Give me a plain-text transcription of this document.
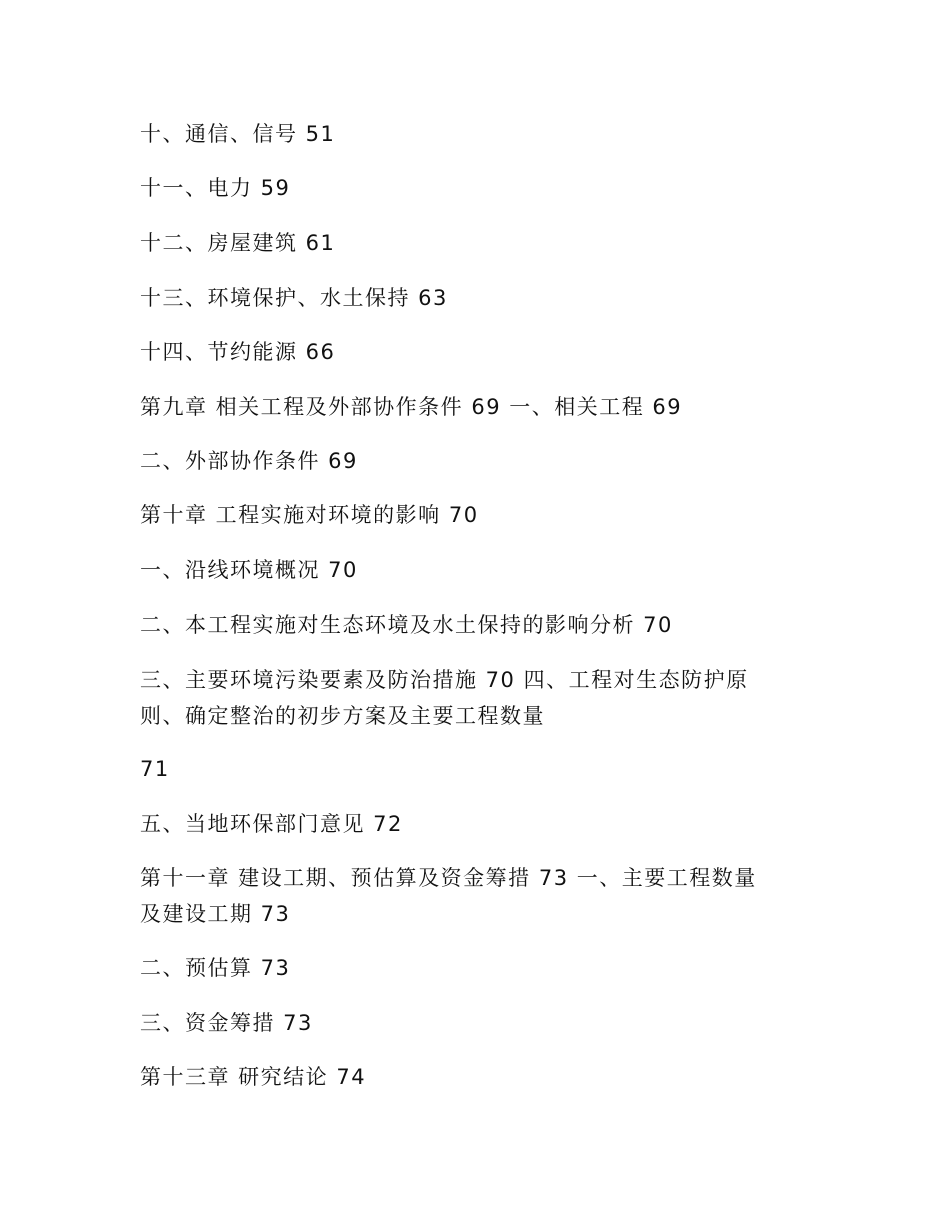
十、通信、信号 51
十一、电力 59
十二、房屋建筑 61
十三、环境保护、水土保持 63
十四、节约能源 66
第九章 相关工程及外部协作条件 69 一、相关工程 69
二、外部协作条件 69
第十章 工程实施对环境的影响 70
一、沿线环境概况 70
二、本工程实施对生态环境及水土保持的影响分析 70
三、主要环境污染要素及防治措施 70 四、工程对生态防护原
则、确定整治的初步方案及主要工程数量
71
五、当地环保部门意见 72
第十一章 建设工期、预估算及资金筹措 73 一、主要工程数量
及建设工期 73
二、预估算 73
三、资金筹措 73
第十三章 研究结论 74
